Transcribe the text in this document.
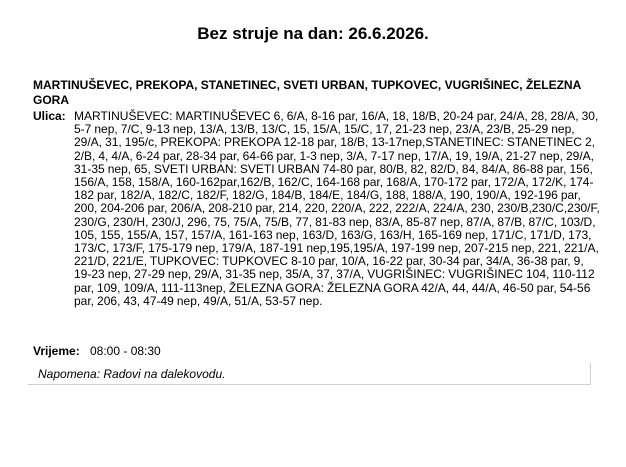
Bez struje na dan: 26.6.2026.

MARTINUŠEVEC, PREKOPA, STANETINEC, SVETI URBAN, TUPKOVEC, VUGRIŠINEC, ŽELEZNA GORA

Ulica: MARTINUŠEVEC: MARTINUŠEVEC 6, 6/A, 8-16 par, 16/A, 18, 18/B, 20-24 par, 24/A, 28, 28/A, 30, 5-7 nep, 7/C, 9-13 nep, 13/A, 13/B, 13/C, 15, 15/A, 15/C, 17, 21-23 nep, 23/A, 23/B, 25-29 nep, 29/A, 31, 195/c, PREKOPA: PREKOPA 12-18 par, 18/B, 13-17nep,STANETINEC: STANETINEC 2, 2/B, 4, 4/A, 6-24 par, 28-34 par, 64-66 par, 1-3 nep, 3/A, 7-17 nep, 17/A, 19, 19/A, 21-27 nep, 29/A, 31-35 nep, 65, SVETI URBAN: SVETI URBAN 74-80 par, 80/B, 82, 82/D, 84, 84/A, 86-88 par, 156, 156/A, 158, 158/A, 160-162par,162/B, 162/C, 164-168 par, 168/A, 170-172 par, 172/A, 172/K, 174-182 par, 182/A, 182/C, 182/F, 182/G, 184/B, 184/E, 184/G, 188, 188/A, 190, 190/A, 192-196 par, 200, 204-206 par, 206/A, 208-210 par, 214, 220, 220/A, 222, 222/A, 224/A, 230, 230/B,230/C,230/F, 230/G, 230/H, 230/J, 296, 75, 75/A, 75/B, 77, 81-83 nep, 83/A, 85-87 nep, 87/A, 87/B, 87/C, 103/D, 105, 155, 155/A, 157, 157/A, 161-163 nep, 163/D, 163/G, 163/H, 165-169 nep, 171/C, 171/D, 173, 173/C, 173/F, 175-179 nep, 179/A, 187-191 nep,195,195/A, 197-199 nep, 207-215 nep, 221, 221/A, 221/D, 221/E, TUPKOVEC: TUPKOVEC 8-10 par, 10/A, 16-22 par, 30-34 par, 34/A, 36-38 par, 9, 19-23 nep, 27-29 nep, 29/A, 31-35 nep, 35/A, 37, 37/A, VUGRIŠINEC: VUGRIŠINEC 104, 110-112 par, 109, 109/A, 111-113nep, ŽELEZNA GORA: ŽELEZNA GORA 42/A, 44, 44/A, 46-50 par, 54-56 par, 206, 43, 47-49 nep, 49/A, 51/A, 53-57 nep.
Vrijeme: 08:00 - 08:30
Napomena: Radovi na dalekovodu.
